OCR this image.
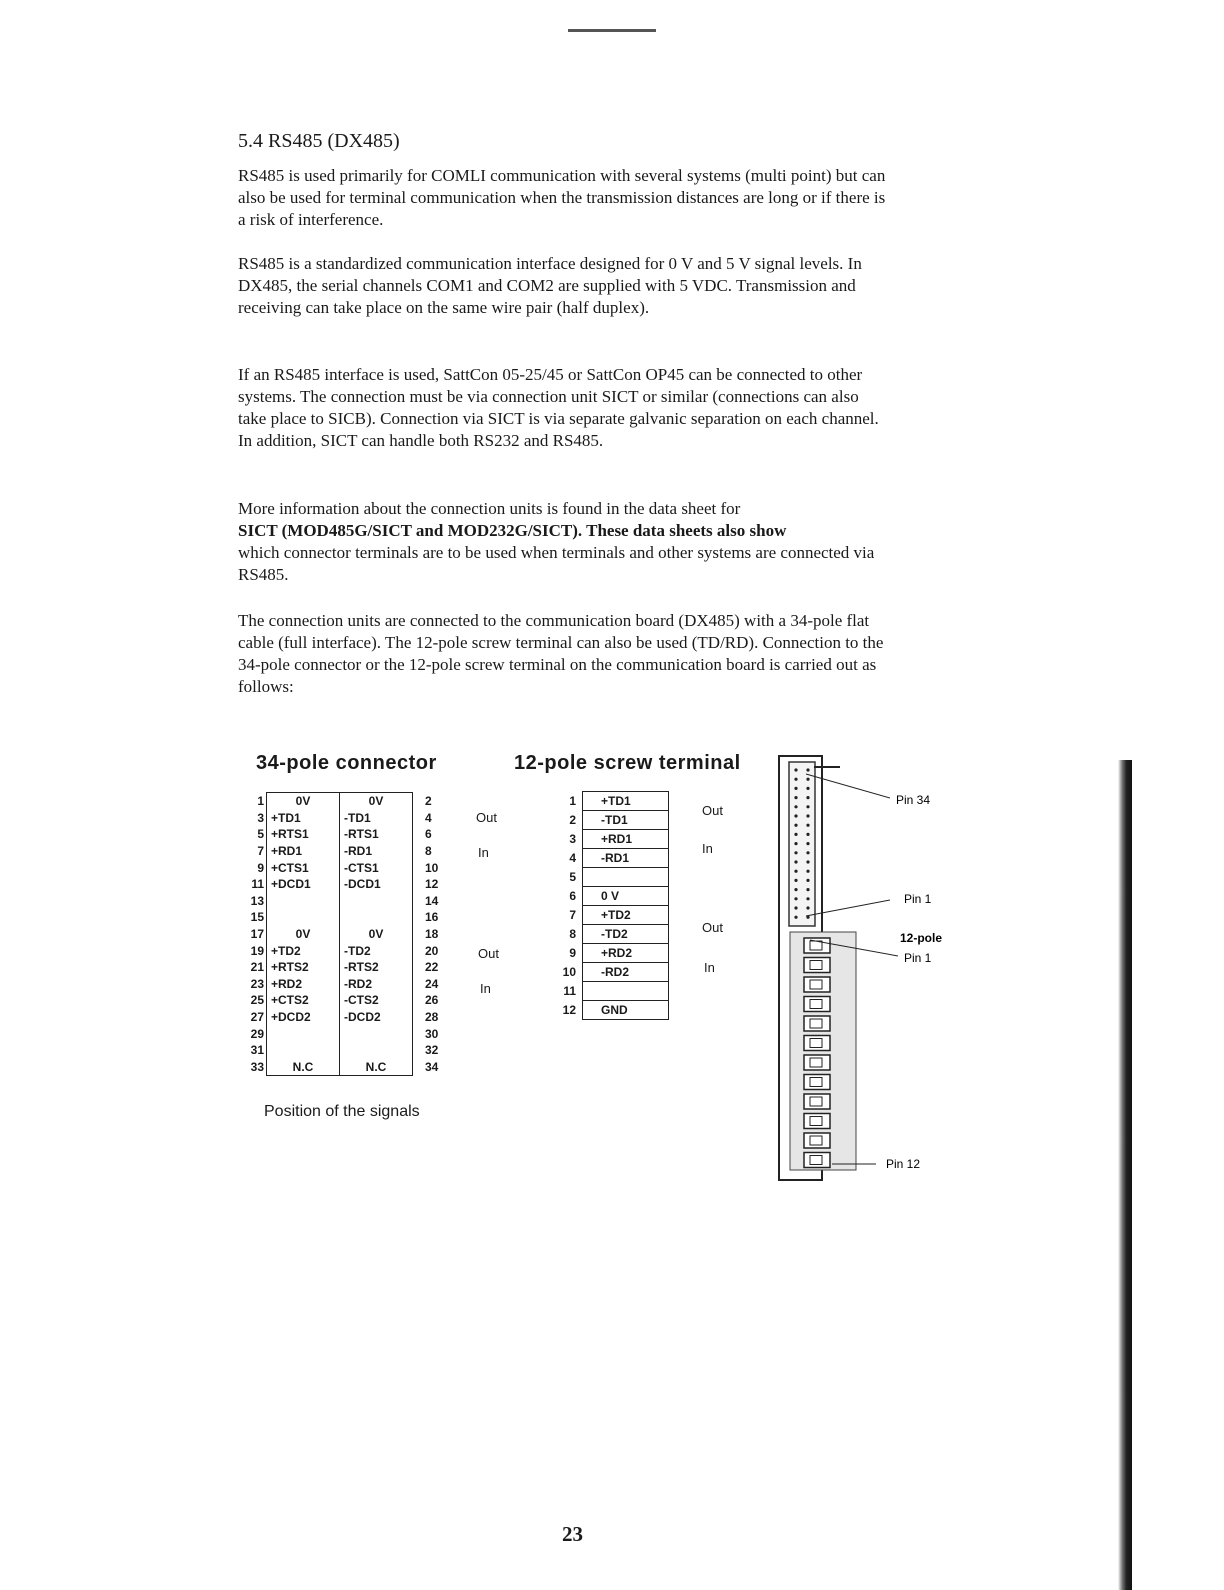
5.4 RS485 (DX485)

RS485 is used primarily for COMLI communication with several systems (multi point) but can also be used for terminal communication when the transmission distances are long or if there is a risk of interference.

RS485 is a standardized communication interface designed for 0 V and 5 V signal levels. In DX485, the serial channels COM1 and COM2 are supplied with 5 VDC. Transmission and receiving can take place on the same wire pair (half duplex).

If an RS485 interface is used, SattCon 05-25/45 or SattCon OP45 can be connected to other systems. The connection must be via connection unit SICT or similar (connections can also take place to SICB). Connection via SICT is via separate galvanic separation on each channel. In addition, SICT can handle both RS232 and RS485.

More information about the connection units is found in the data sheet for
SICT (MOD485G/SICT and MOD232G/SICT). These data sheets also show
which connector terminals are to be used when terminals and other systems are connected via RS485.

The connection units are connected to the communication board (DX485) with a 34-pole flat cable (full interface). The 12-pole screw terminal can also be used (TD/RD). Connection to the 34-pole connector or the 12-pole screw terminal on the communication board is carried out as follows:

34-pole connector
1	0V	0V	2
3	+TD1	-TD1	4
5	+RTS1	-RTS1	6
7	+RD1	-RD1	8
9	+CTS1	-CTS1	10
11	+DCD1	-DCD1	12
13			14
15			16
17	0V	0V	18
19	+TD2	-TD2	20
21	+RTS2	-RTS2	22
23	+RD2	-RD2	24
25	+CTS2	-CTS2	26
27	+DCD2	-DCD2	28
29			30
31			32
33	N.C	N.C	34
Out
In
Out
In
12-pole screw terminal
1	+TD1
2	-TD1
3	+RD1
4	-RD1
5	
6	0 V
7	+TD2
8	-TD2
9	+RD2
10	-RD2
11	
12	GND
Out
In
Out
In
Pin 34
Pin 1
12-pole
Pin 1
Pin 12
Position of the signals
23
